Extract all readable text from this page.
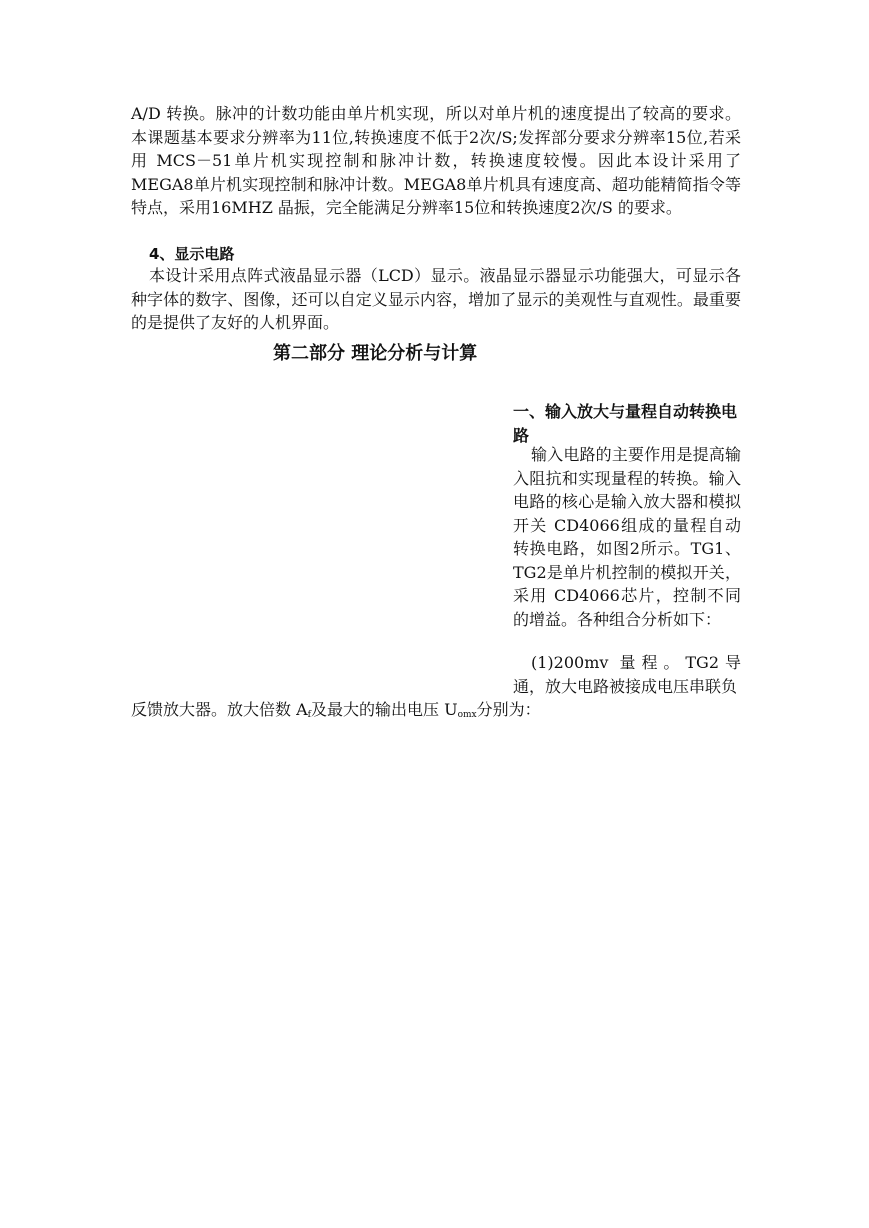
A/D 转换。脉冲的计数功能由单片机实现，所以对单片机的速度提出了较高的要求。本课题基本要求分辨率为11位,转换速度不低于2次/S;发挥部分要求分辨率15位,若采用 MCS－51单片机实现控制和脉冲计数，转换速度较慢。因此本设计采用了 MEGA8单片机实现控制和脉冲计数。MEGA8单片机具有速度高、超功能精简指令等特点，采用16MHZ 晶振，完全能满足分辨率15位和转换速度2次/S 的要求。
4、显示电路
本设计采用点阵式液晶显示器（LCD）显示。液晶显示器显示功能强大，可显示各种字体的数字、图像，还可以自定义显示内容，增加了显示的美观性与直观性。最重要的是提供了友好的人机界面。
第二部分 理论分析与计算
一、输入放大与量程自动转换电路
输入电路的主要作用是提高输入阻抗和实现量程的转换。输入电路的核心是输入放大器和模拟开关 CD4066组成的量程自动转换电路，如图2所示。TG1、TG2是单片机控制的模拟开关，采用 CD4066芯片，控制不同的增益。各种组合分析如下：
(1)200mv 量程。TG2导通，放大电路被接成电压串联负
反馈放大器。放大倍数 $A_f$及最大的输出电压 $U_{omx}$分别为：
